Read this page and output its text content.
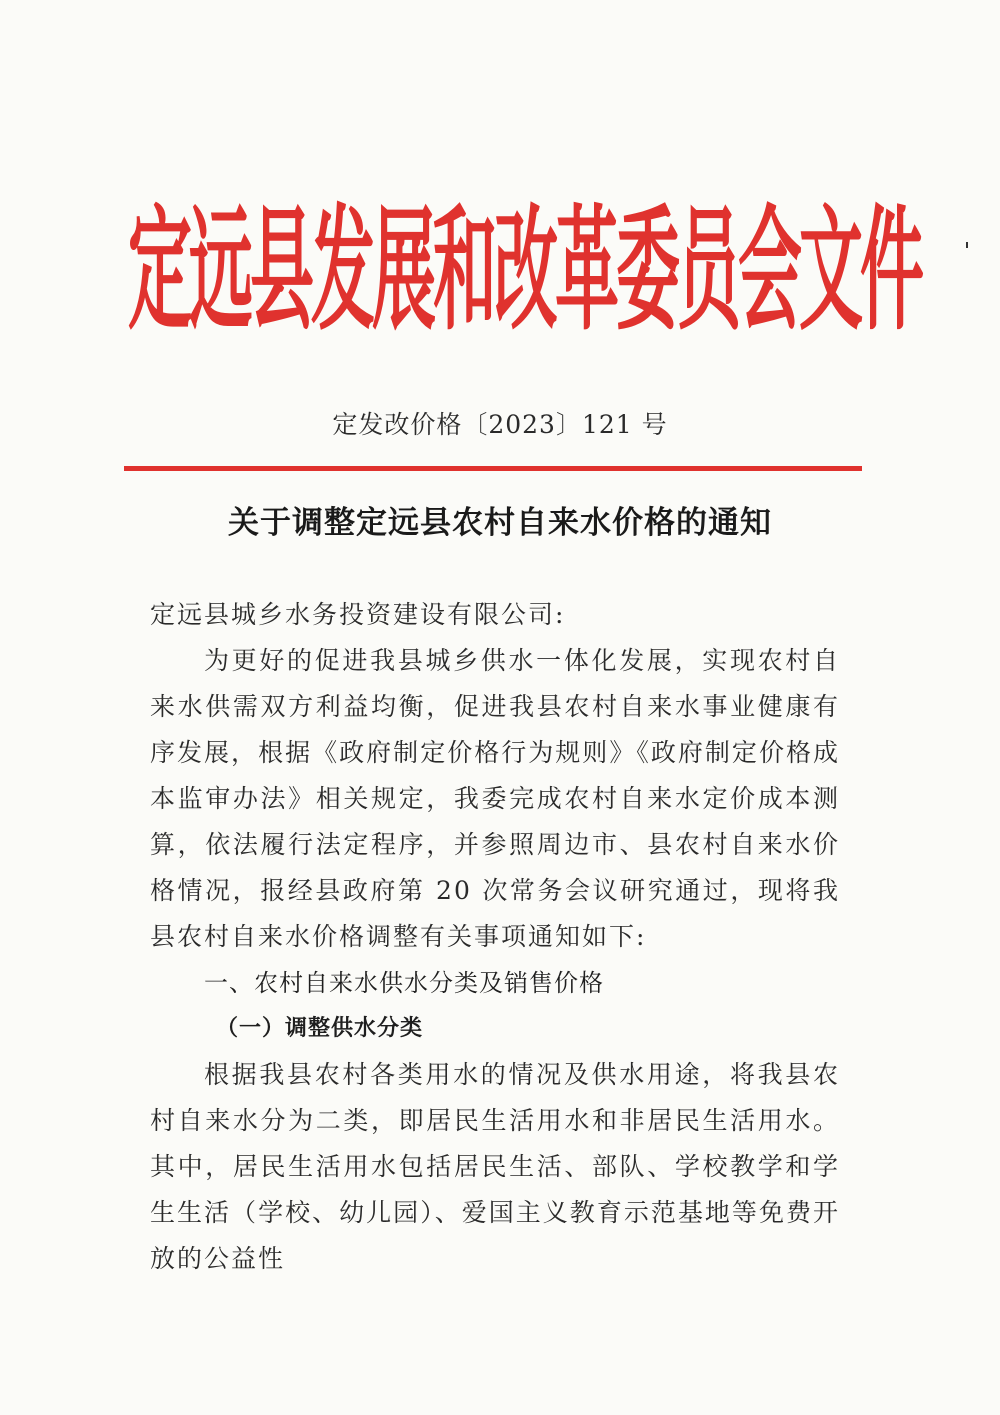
定
远
县
发
展
和
改
革
委
员
会
文
件
定发改价格〔2023〕121 号
关于调整定远县农村自来水价格的通知

定远县城乡水务投资建设有限公司:

为更好的促进我县城乡供水一体化发展，实现农村自来水供需双方利益均衡，促进我县农村自来水事业健康有序发展，根据《政府制定价格行为规则》《政府制定价格成本监审办法》相关规定，我委完成农村自来水定价成本测算，依法履行法定程序，并参照周边市、县农村自来水价格情况，报经县政府第 20 次常务会议研究通过，现将我县农村自来水价格调整有关事项通知如下:

一、农村自来水供水分类及销售价格

（一）调整供水分类

根据我县农村各类用水的情况及供水用途，将我县农村自来水分为二类，即居民生活用水和非居民生活用水。其中，居民生活用水包括居民生活、部队、学校教学和学生生活（学校、幼儿园）、爱国主义教育示范基地等免费开放的公益性
